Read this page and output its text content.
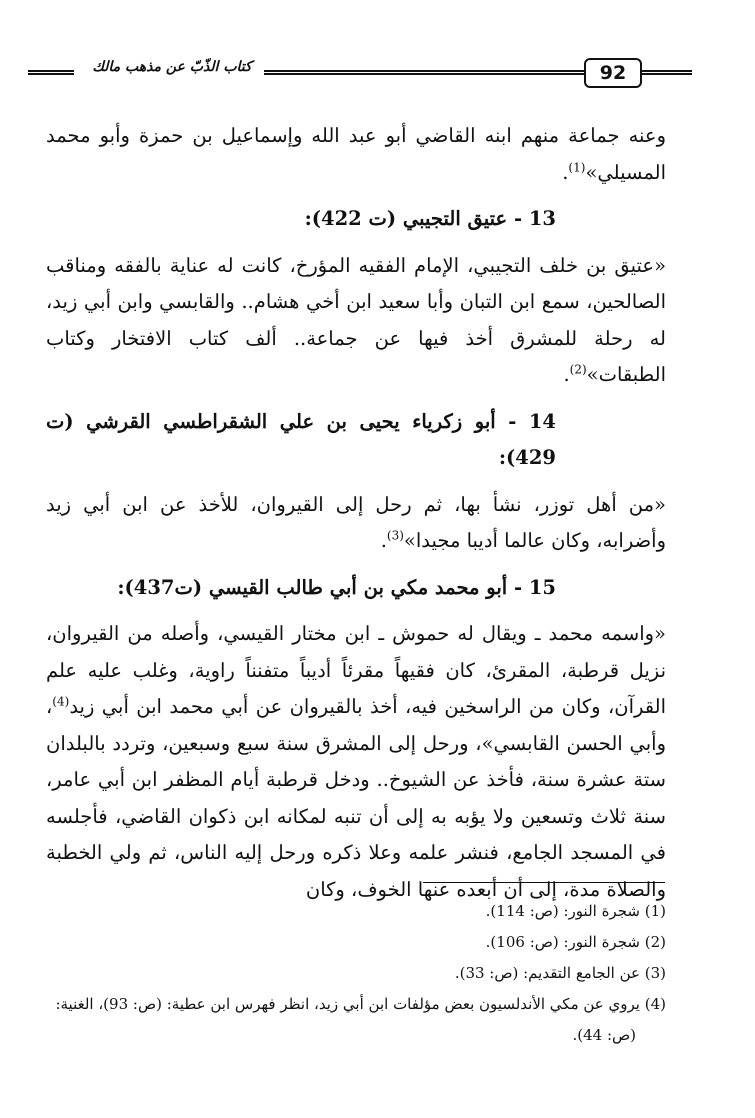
كتاب الذّبّ عن مذهب مالك	92

وعنه جماعة منهم ابنه القاضي أبو عبد الله وإسماعيل بن حمزة وأبو محمد المسيلي»$^{(1)}$.

13 - عتيق التجيبي (ت 422):

«عتيق بن خلف التجيبي، الإمام الفقيه المؤرخ، كانت له عناية بالفقه ومناقب الصالحين، سمع ابن التبان وأبا سعيد ابن أخي هشام.. والقابسي وابن أبي زيد، له رحلة للمشرق أخذ فيها عن جماعة.. ألف كتاب الافتخار وكتاب الطبقات»$^{(2)}$.

14 - أبو زكرياء يحيى بن علي الشقراطسي القرشي (ت 429):

«من أهل توزر، نشأ بها، ثم رحل إلى القيروان، للأخذ عن ابن أبي زيد وأضرابه، وكان عالما أديبا مجيدا»$^{(3)}$.

15 - أبو محمد مكي بن أبي طالب القيسي (ت437):

«واسمه محمد ـ ويقال له حموش ـ ابن مختار القيسي، وأصله من القيروان، نزيل قرطبة، المقرئ، كان فقيهاً مقرئاً أديباً متفنناً راوية، وغلب عليه علم القرآن، وكان من الراسخين فيه، أخذ بالقيروان عن أبي محمد ابن أبي زيد$^{(4)}$، وأبي الحسن القابسي»، ورحل إلى المشرق سنة سبع وسبعين، وتردد بالبلدان ستة عشرة سنة، فأخذ عن الشيوخ.. ودخل قرطبة أيام المظفر ابن أبي عامر، سنة ثلاث وتسعين ولا يؤبه به إلى أن تنبه لمكانه ابن ذكوان القاضي، فأجلسه في المسجد الجامع، فنشر علمه وعلا ذكره ورحل إليه الناس، ثم ولي الخطبة والصلاة مدة، إلى أن أبعده عنها الخوف، وكان

(1) شجرة النور: (ص: 114).

(2) شجرة النور: (ص: 106).

(3) عن الجامع التقديم: (ص: 33).

(4) يروي عن مكي الأندلسيون بعض مؤلفات ابن أبي زيد، انظر فهرس ابن عطية: (ص: 93)، الغنية:

(ص: 44).
